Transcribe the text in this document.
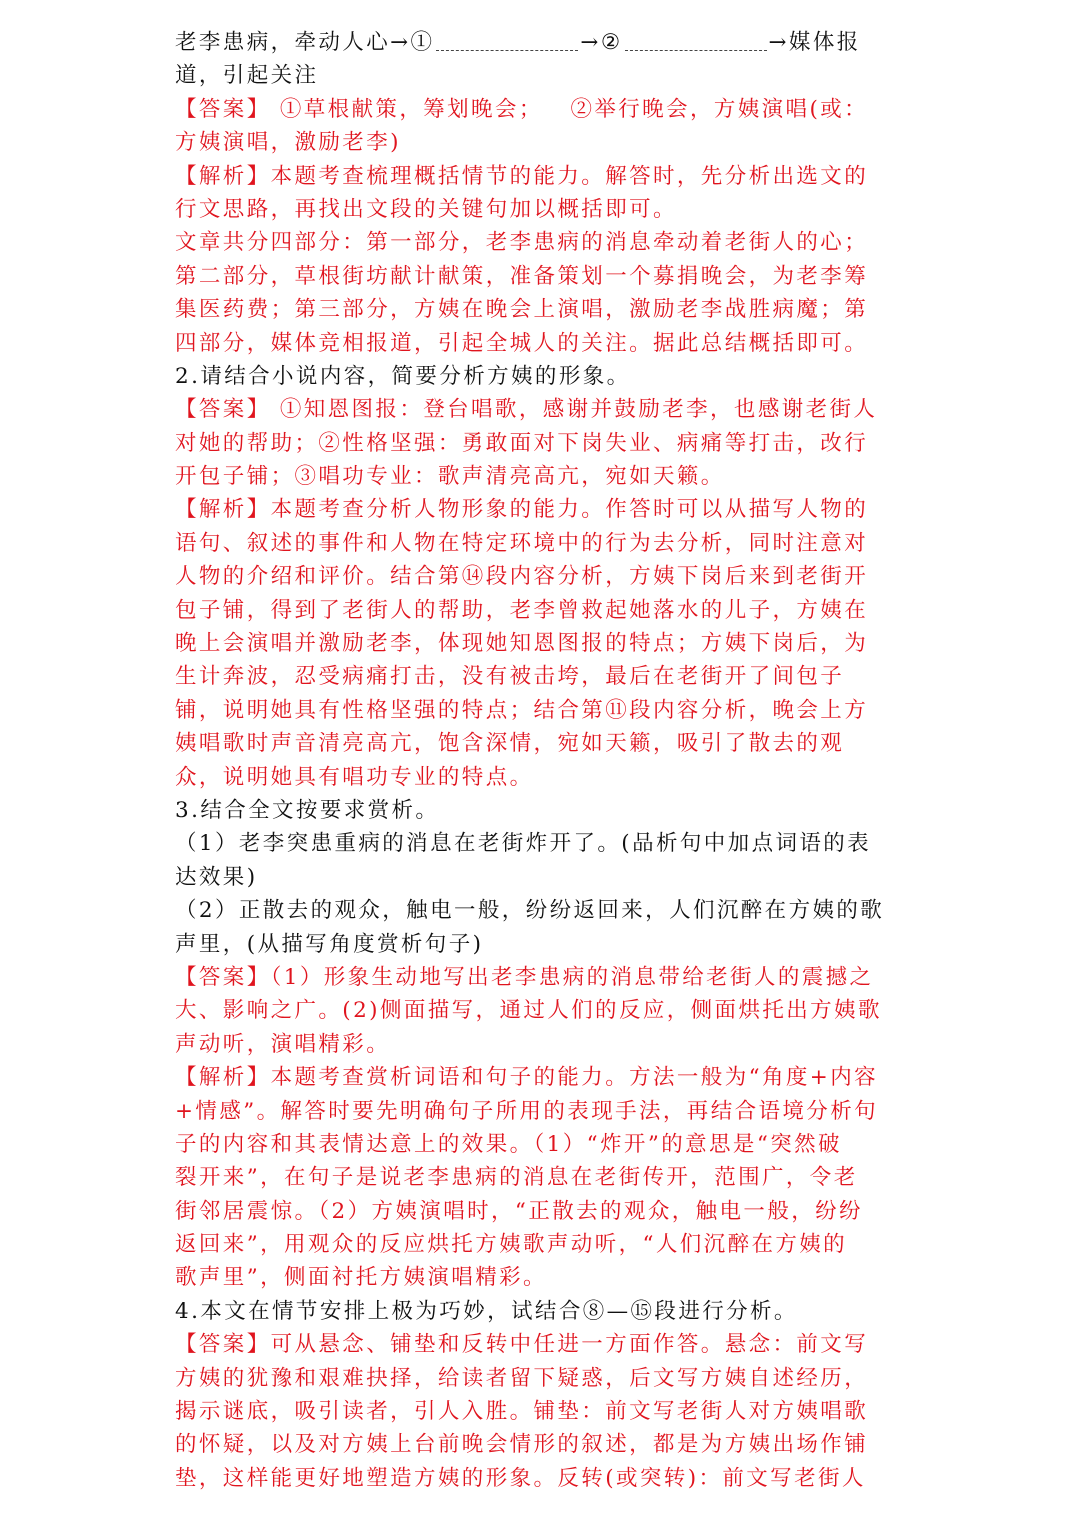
老李患病，牵动人心→①	→②	→媒体报
道，引起关注
【答案】 ①草根献策，筹划晚会；   ②举行晚会，方姨演唱(或：
方姨演唱，激励老李)
【解析】本题考查梳理概括情节的能力。解答时，先分析出选文的
行文思路，再找出文段的关键句加以概括即可。
文章共分四部分：第一部分，老李患病的消息牵动着老街人的心；
第二部分，草根街坊献计献策，准备策划一个募捐晚会，为老李筹
集医药费；第三部分，方姨在晚会上演唱，激励老李战胜病魔；第
四部分，媒体竞相报道，引起全城人的关注。据此总结概括即可。
2.请结合小说内容，简要分析方姨的形象。
【答案】 ①知恩图报：登台唱歌，感谢并鼓励老李，也感谢老街人
对她的帮助；②性格坚强：勇敢面对下岗失业、病痛等打击，改行
开包子铺；③唱功专业：歌声清亮高亢，宛如天籁。
【解析】本题考查分析人物形象的能力。作答时可以从描写人物的
语句、叙述的事件和人物在特定环境中的行为去分析，同时注意对
人物的介绍和评价。结合第⑭段内容分析，方姨下岗后来到老街开
包子铺，得到了老街人的帮助，老李曾救起她落水的儿子，方姨在
晚上会演唱并激励老李，体现她知恩图报的特点；方姨下岗后，为
生计奔波，忍受病痛打击，没有被击垮，最后在老街开了间包子
铺，说明她具有性格坚强的特点；结合第⑪段内容分析，晚会上方
姨唱歌时声音清亮高亢，饱含深情，宛如天籁，吸引了散去的观
众，说明她具有唱功专业的特点。
3.结合全文按要求赏析。
（1）老李突患重病的消息在老街炸开了。(品析句中加点词语的表
达效果)
（2）正散去的观众，触电一般，纷纷返回来，人们沉醉在方姨的歌
声里，(从描写角度赏析句子)
【答案】（1）形象生动地写出老李患病的消息带给老街人的震撼之
大、影响之广。(2)侧面描写，通过人们的反应，侧面烘托出方姨歌
声动听，演唱精彩。
【解析】本题考查赏析词语和句子的能力。方法一般为“角度+内容
+情感”。解答时要先明确句子所用的表现手法，再结合语境分析句
子的内容和其表情达意上的效果。（1）“炸开”的意思是“突然破
裂开来”，在句子是说老李患病的消息在老街传开，范围广，令老
街邻居震惊。（2）方姨演唱时，“正散去的观众，触电一般，纷纷
返回来”，用观众的反应烘托方姨歌声动听，“人们沉醉在方姨的
歌声里”，侧面衬托方姨演唱精彩。
4.本文在情节安排上极为巧妙，试结合⑧—⑮段进行分析。
【答案】可从悬念、铺垫和反转中任进一方面作答。悬念：前文写
方姨的犹豫和艰难抉择，给读者留下疑惑，后文写方姨自述经历，
揭示谜底，吸引读者，引人入胜。铺垫：前文写老街人对方姨唱歌
的怀疑，以及对方姨上台前晚会情形的叙述，都是为方姨出场作铺
垫，这样能更好地塑造方姨的形象。反转(或突转)：前文写老街人
